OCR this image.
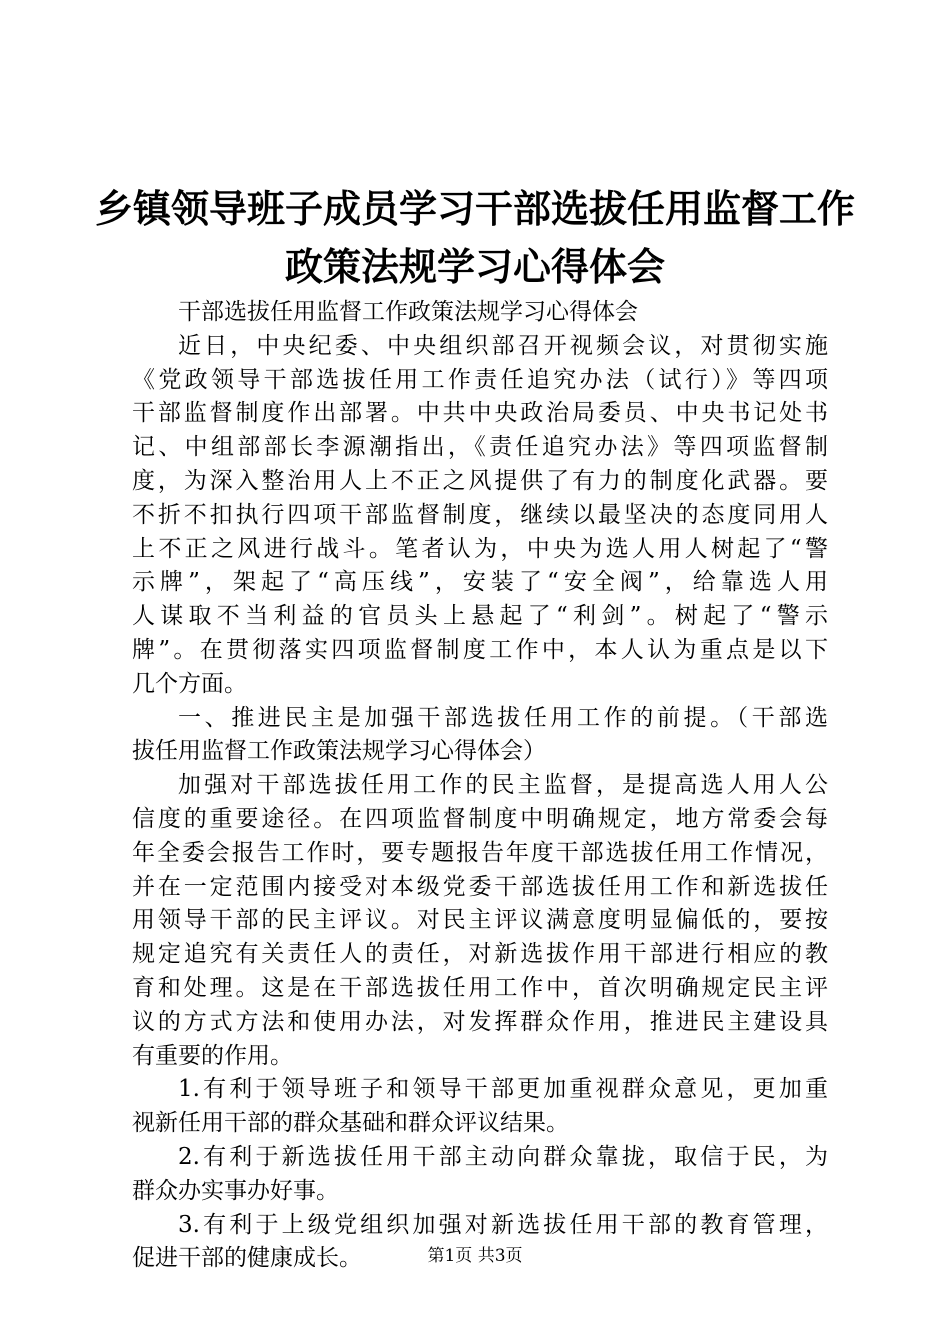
乡镇领导班子成员学习干部选拔任用监督工作
政策法规学习心得体会
干部选拔任用监督工作政策法规学习心得体会
近日，中央纪委、中央组织部召开视频会议，对贯彻实施
《党政领导干部选拔任用工作责任追究办法（试行）》等四项
干部监督制度作出部署。中共中央政治局委员、中央书记处书
记、中组部部长李源潮指出，《责任追究办法》等四项监督制
度，为深入整治用人上不正之风提供了有力的制度化武器。要
不折不扣执行四项干部监督制度，继续以最坚决的态度同用人
上不正之风进行战斗。笔者认为，中央为选人用人树起了“警
示牌”，架起了“高压线”，安装了“安全阀”，给靠选人用
人谋取不当利益的官员头上悬起了“利剑”。树起了“警示
牌”。在贯彻落实四项监督制度工作中，本人认为重点是以下
几个方面。
一、推进民主是加强干部选拔任用工作的前提。（干部选
拔任用监督工作政策法规学习心得体会）
加强对干部选拔任用工作的民主监督，是提高选人用人公
信度的重要途径。在四项监督制度中明确规定，地方常委会每
年全委会报告工作时，要专题报告年度干部选拔任用工作情况，
并在一定范围内接受对本级党委干部选拔任用工作和新选拔任
用领导干部的民主评议。对民主评议满意度明显偏低的，要按
规定追究有关责任人的责任，对新选拔作用干部进行相应的教
育和处理。这是在干部选拔任用工作中，首次明确规定民主评
议的方式方法和使用办法，对发挥群众作用，推进民主建设具
有重要的作用。
1.有利于领导班子和领导干部更加重视群众意见，更加重
视新任用干部的群众基础和群众评议结果。
2.有利于新选拔任用干部主动向群众靠拢，取信于民，为
群众办实事办好事。
3.有利于上级党组织加强对新选拔任用干部的教育管理，
促进干部的健康成长。	第1页 共3页
